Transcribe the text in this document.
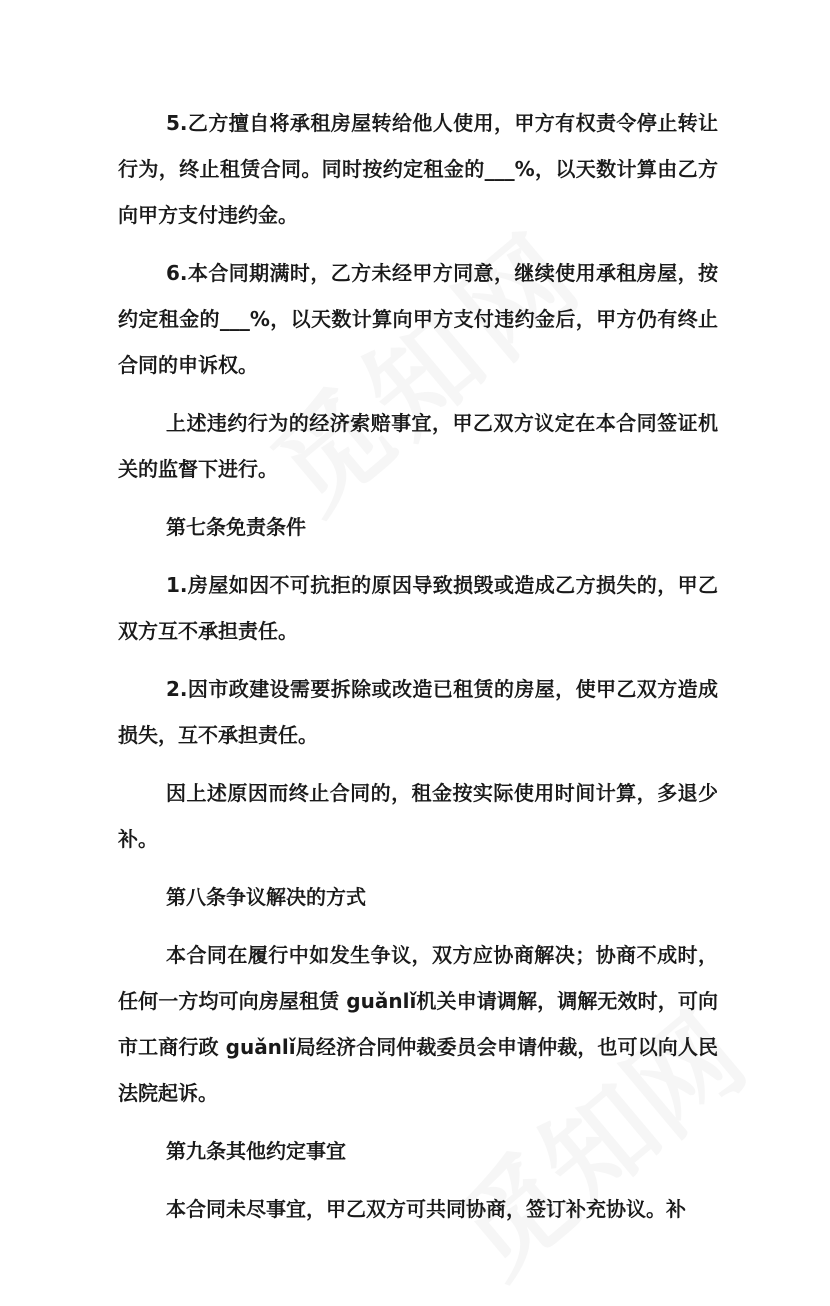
5.乙方擅自将承租房屋转给他人使用，甲方有权责令停止转让行为，终止租赁合同。同时按约定租金的___%，以天数计算由乙方向甲方支付违约金。

6.本合同期满时，乙方未经甲方同意，继续使用承租房屋，按约定租金的___%，以天数计算向甲方支付违约金后，甲方仍有终止合同的申诉权。

上述违约行为的经济索赔事宜，甲乙双方议定在本合同签证机关的监督下进行。

第七条免责条件

1.房屋如因不可抗拒的原因导致损毁或造成乙方损失的，甲乙双方互不承担责任。

2.因市政建设需要拆除或改造已租赁的房屋，使甲乙双方造成损失，互不承担责任。

因上述原因而终止合同的，租金按实际使用时间计算，多退少补。

第八条争议解决的方式

本合同在履行中如发生争议，双方应协商解决；协商不成时，任何一方均可向房屋租赁 guǎnlǐ机关申请调解，调解无效时，可向市工商行政 guǎnlǐ局经济合同仲裁委员会申请仲裁，也可以向人民法院起诉。

第九条其他约定事宜

本合同未尽事宜，甲乙双方可共同协商，签订补充协议。补
